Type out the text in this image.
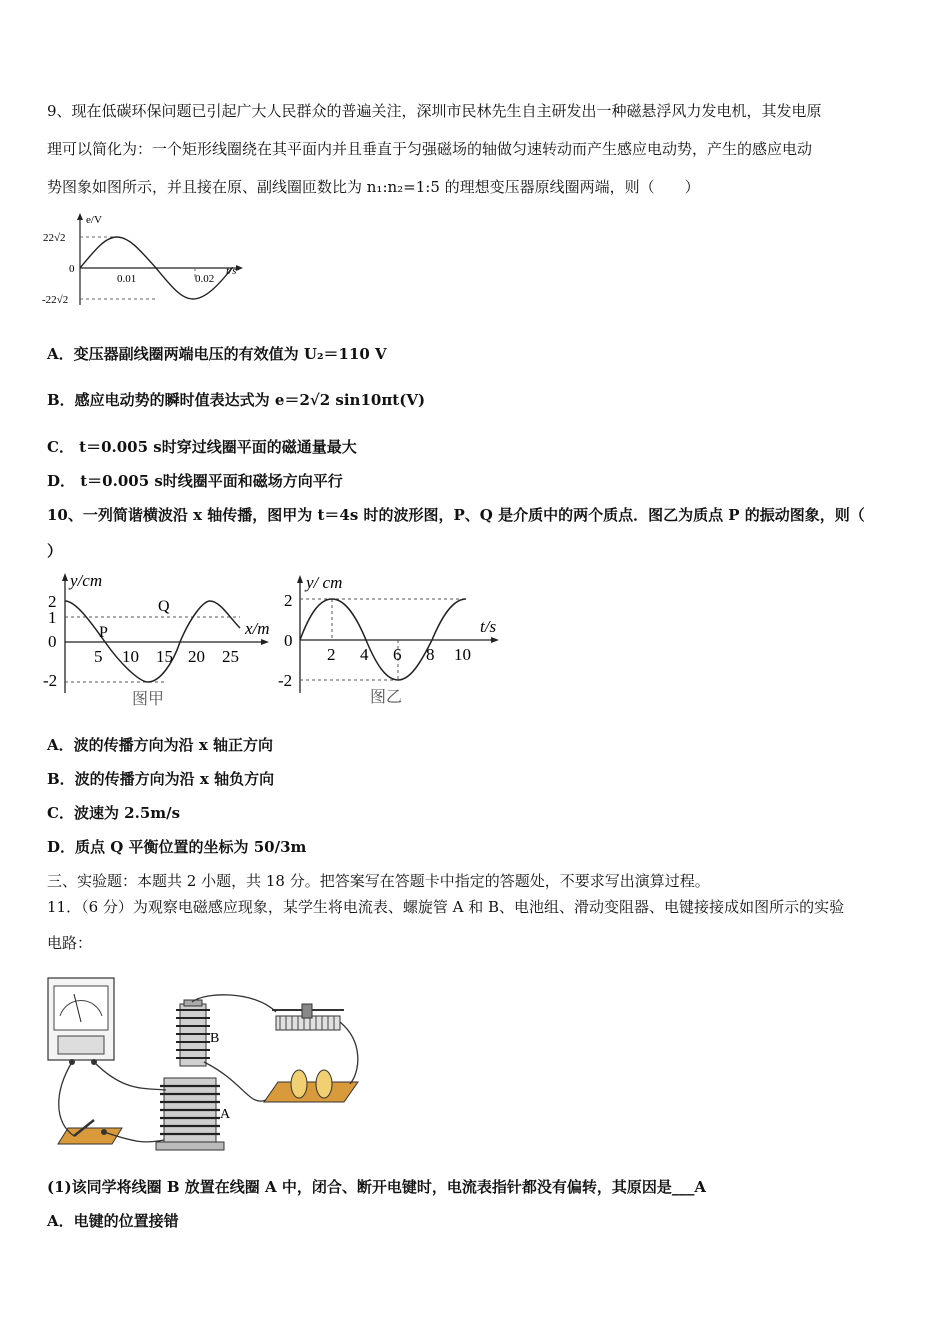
9、现在低碳环保问题已引起广大人民群众的普遍关注，深圳市民林先生自主研发出一种磁悬浮风力发电机，其发电原
理可以简化为：一个矩形线圈绕在其平面内并且垂直于匀强磁场的轴做匀速转动而产生感应电动势，产生的感应电动
势图象如图所示，并且接在原、副线圈匝数比为 n₁:n₂=1:5 的理想变压器原线圈两端，则（　　）
e/V
t/s
22√2
0
-22√2
0.01	0.02
A．变压器副线圈两端电压的有效值为 U₂＝110 V
B．感应电动势的瞬时值表达式为 e＝2√2 sin10πt(V)
C． t＝0.005 s时穿过线圈平面的磁通量最大
D． t＝0.005 s时线圈平面和磁场方向平行
10、一列简谐横波沿 x 轴传播，图甲为 t＝4s 时的波形图，P、Q 是介质中的两个质点．图乙为质点 P 的振动图象，则（
）
y/cm
x/m
2
1
0
-2
5 10 15 20 25
P
Q
图甲
y/ cm
t/s
2
0
-2
2 4 6 8 10
图乙
A．波的传播方向为沿 x 轴正方向
B．波的传播方向为沿 x 轴负方向
C．波速为 2.5m/s
D．质点 Q 平衡位置的坐标为 50/3m
三、实验题：本题共 2 小题，共 18 分。把答案写在答题卡中指定的答题处，不要求写出演算过程。
11．（6 分）为观察电磁感应现象，某学生将电流表、螺旋管 A 和 B、电池组、滑动变阻器、电键接接成如图所示的实验
电路：
B
A
(1)该同学将线圈 B 放置在线圈 A 中，闭合、断开电键时，电流表指针都没有偏转，其原因是___A
A．电键的位置接错
